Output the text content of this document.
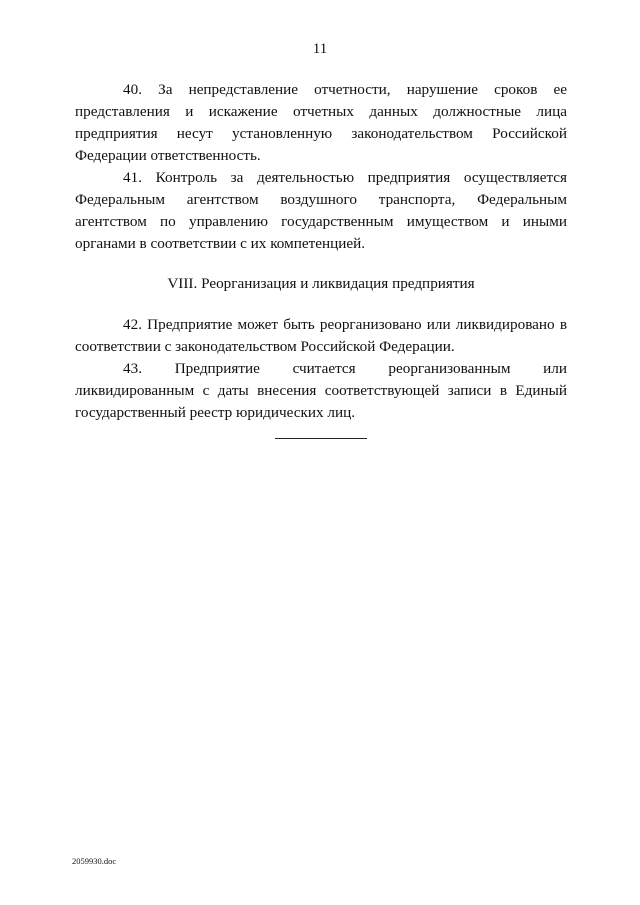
11

40. За непредставление отчетности, нарушение сроков ее представления и искажение отчетных данных должностные лица предприятия несут установленную законодательством Российской Федерации ответственность.

41. Контроль за деятельностью предприятия осуществляется Федеральным агентством воздушного транспорта, Федеральным агентством по управлению государственным имуществом и иными органами в соответствии с их компетенцией.

VIII. Реорганизация и ликвидация предприятия

42. Предприятие может быть реорганизовано или ликвидировано в соответствии с законодательством Российской Федерации.

43. Предприятие считается реорганизованным или ликвидированным с даты внесения соответствующей записи в Единый государственный реестр юридических лиц.

2059930.doc
